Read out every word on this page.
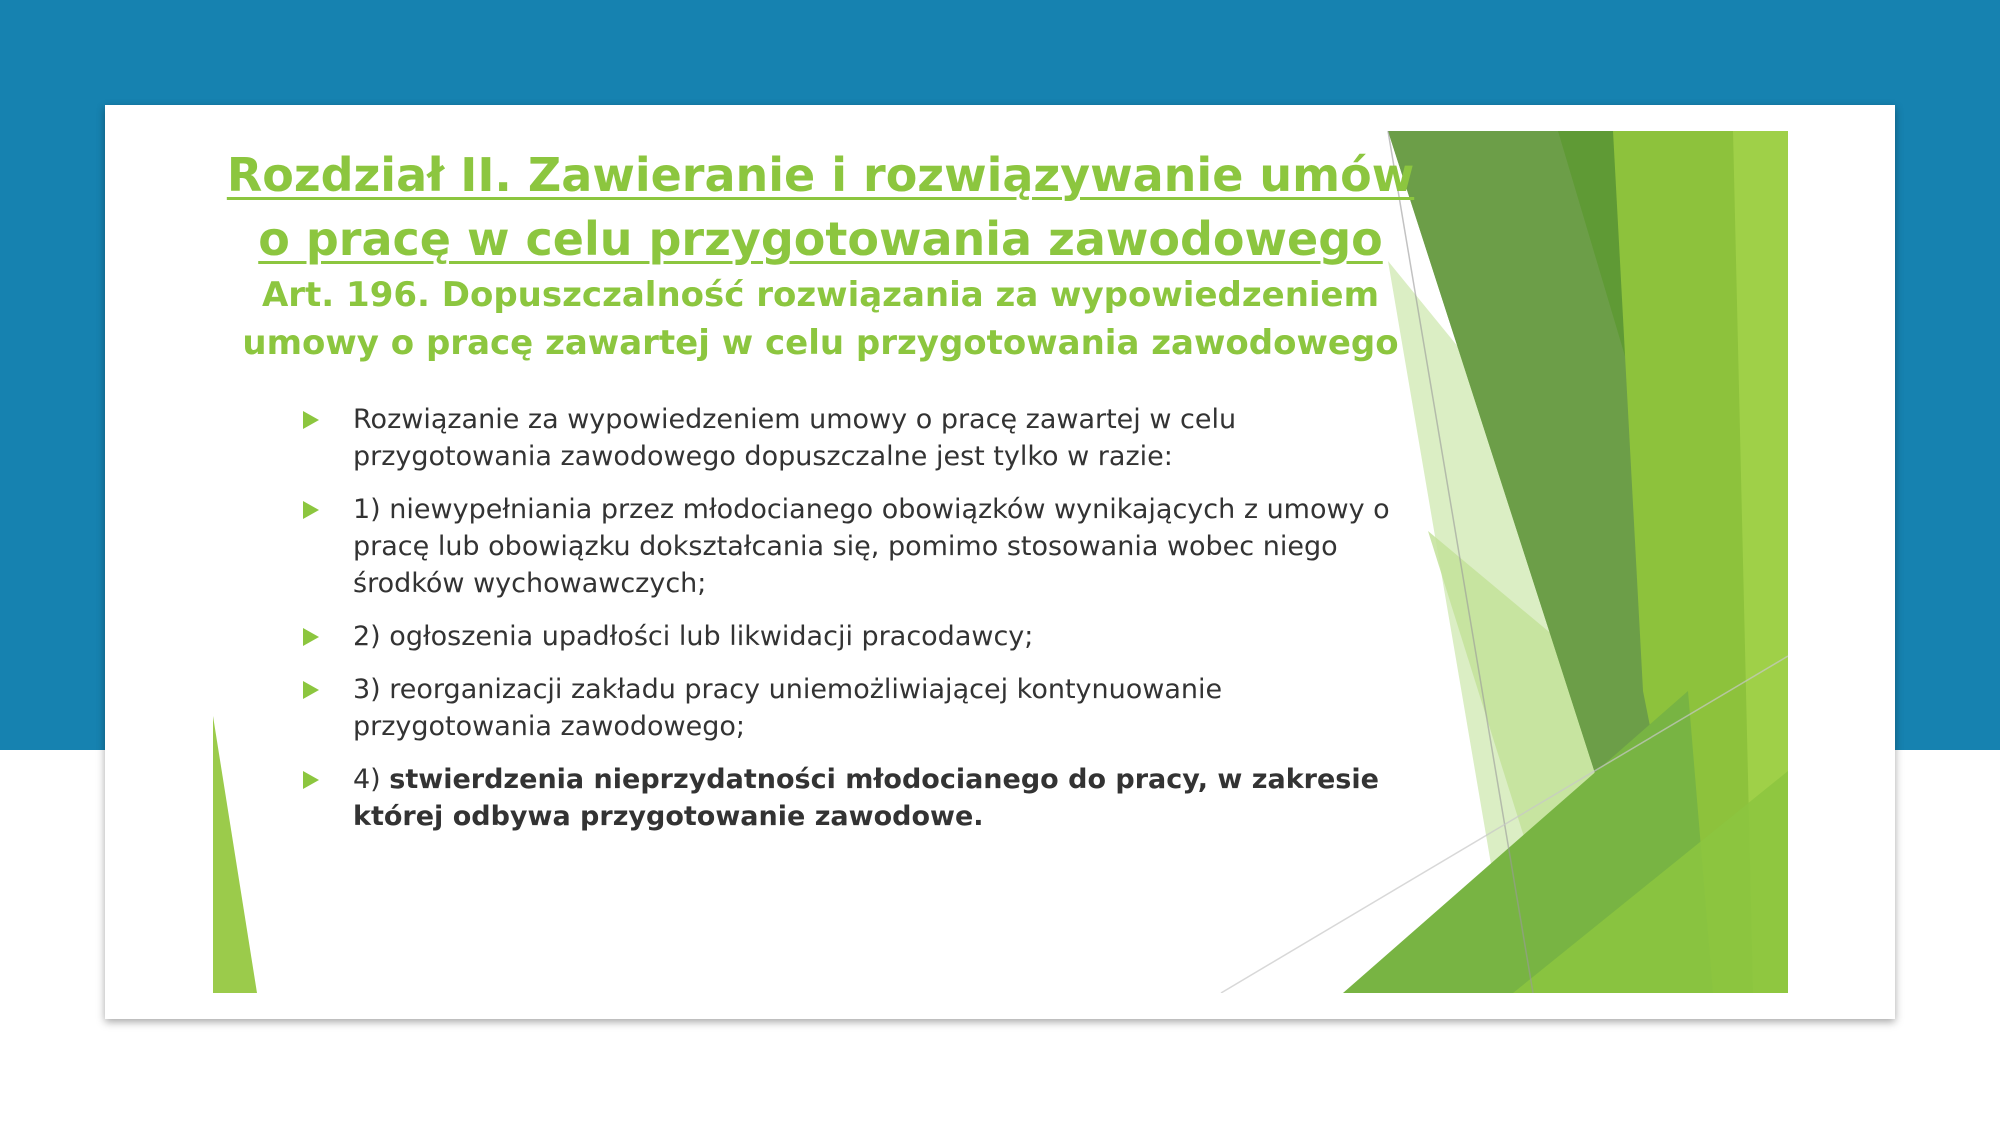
Rozdział II. Zawieranie i rozwiązywanie umów

o pracę w celu przygotowania zawodowego

Art. 196. Dopuszczalność rozwiązania za wypowiedzeniem

umowy o pracę zawartej w celu przygotowania zawodowego

Rozwiązanie za wypowiedzeniem umowy o pracę zawartej w celu przygotowania zawodowego dopuszczalne jest tylko w razie:
1) niewypełniania przez młodocianego obowiązków wynikających z umowy o pracę lub obowiązku dokształcania się, pomimo stosowania wobec niego środków wychowawczych;
2) ogłoszenia upadłości lub likwidacji pracodawcy;
3) reorganizacji zakładu pracy uniemożliwiającej kontynuowanie przygotowania zawodowego;
4) stwierdzenia nieprzydatności młodocianego do pracy, w zakresie której odbywa przygotowanie zawodowe.
